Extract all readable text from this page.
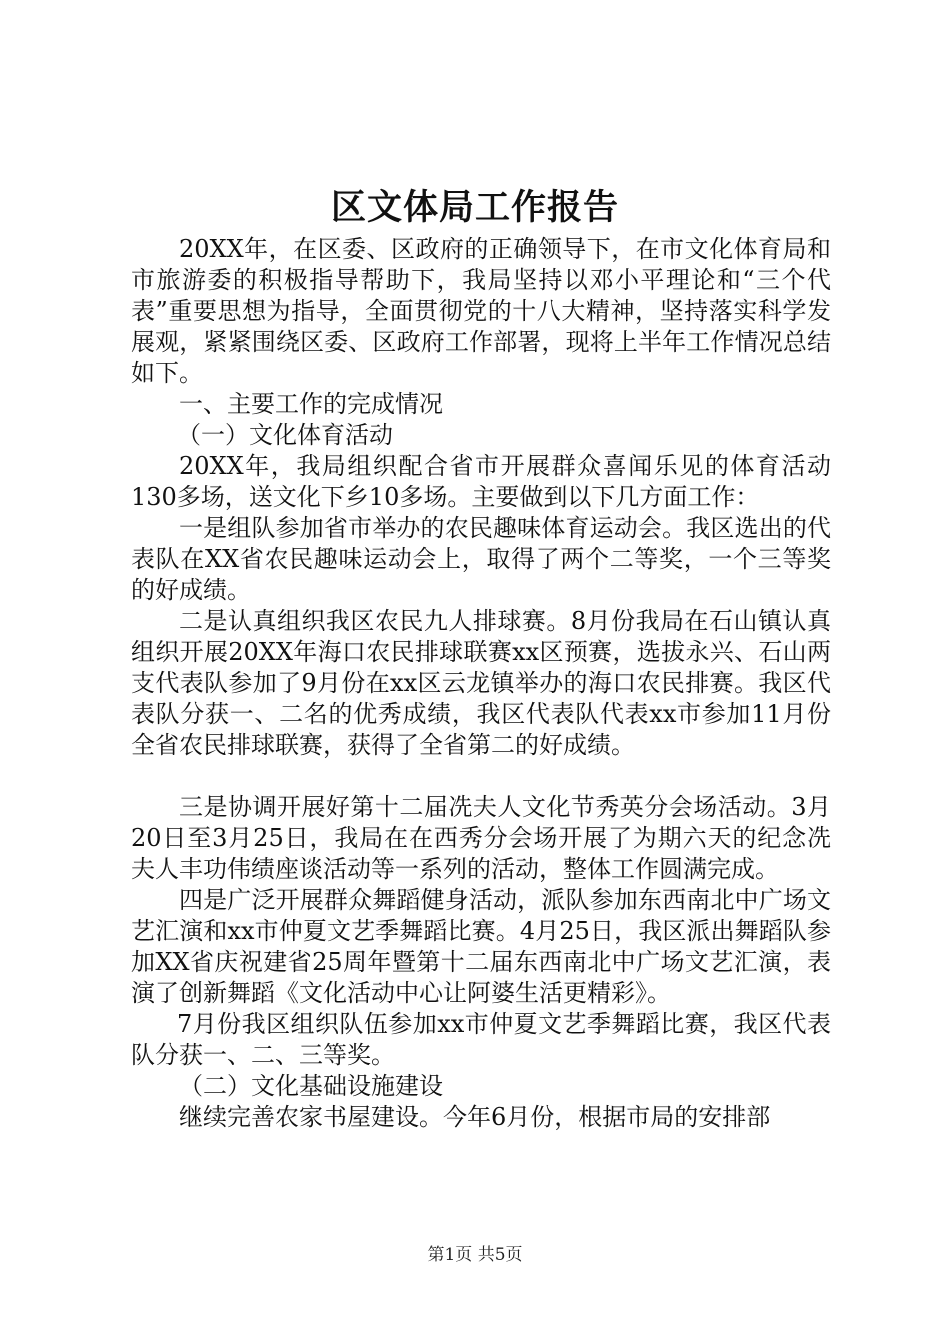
区文体局工作报告

20XX年，在区委、区政府的正确领导下，在市文化体育局和市旅游委的积极指导帮助下，我局坚持以邓小平理论和“三个代表”重要思想为指导，全面贯彻党的十八大精神，坚持落实科学发展观，紧紧围绕区委、区政府工作部署，现将上半年工作情况总结如下。

一、主要工作的完成情况

（一）文化体育活动

20XX年，我局组织配合省市开展群众喜闻乐见的体育活动130多场，送文化下乡10多场。主要做到以下几方面工作：

一是组队参加省市举办的农民趣味体育运动会。我区选出的代表队在XX省农民趣味运动会上，取得了两个二等奖，一个三等奖的好成绩。

二是认真组织我区农民九人排球赛。8月份我局在石山镇认真组织开展20XX年海口农民排球联赛xx区预赛，选拔永兴、石山两支代表队参加了9月份在xx区云龙镇举办的海口农民排赛。我区代表队分获一、二名的优秀成绩，我区代表队代表xx市参加11月份全省农民排球联赛，获得了全省第二的好成绩。

三是协调开展好第十二届冼夫人文化节秀英分会场活动。3月20日至3月25日，我局在在西秀分会场开展了为期六天的纪念冼夫人丰功伟绩座谈活动等一系列的活动，整体工作圆满完成。

四是广泛开展群众舞蹈健身活动，派队参加东西南北中广场文艺汇演和xx市仲夏文艺季舞蹈比赛。4月25日，我区派出舞蹈队参加XX省庆祝建省25周年暨第十二届东西南北中广场文艺汇演，表演了创新舞蹈《文化活动中心让阿婆生活更精彩》。

7月份我区组织队伍参加xx市仲夏文艺季舞蹈比赛，我区代表队分获一、二、三等奖。

（二）文化基础设施建设

继续完善农家书屋建设。今年6月份，根据市局的安排部

第1页 共5页
